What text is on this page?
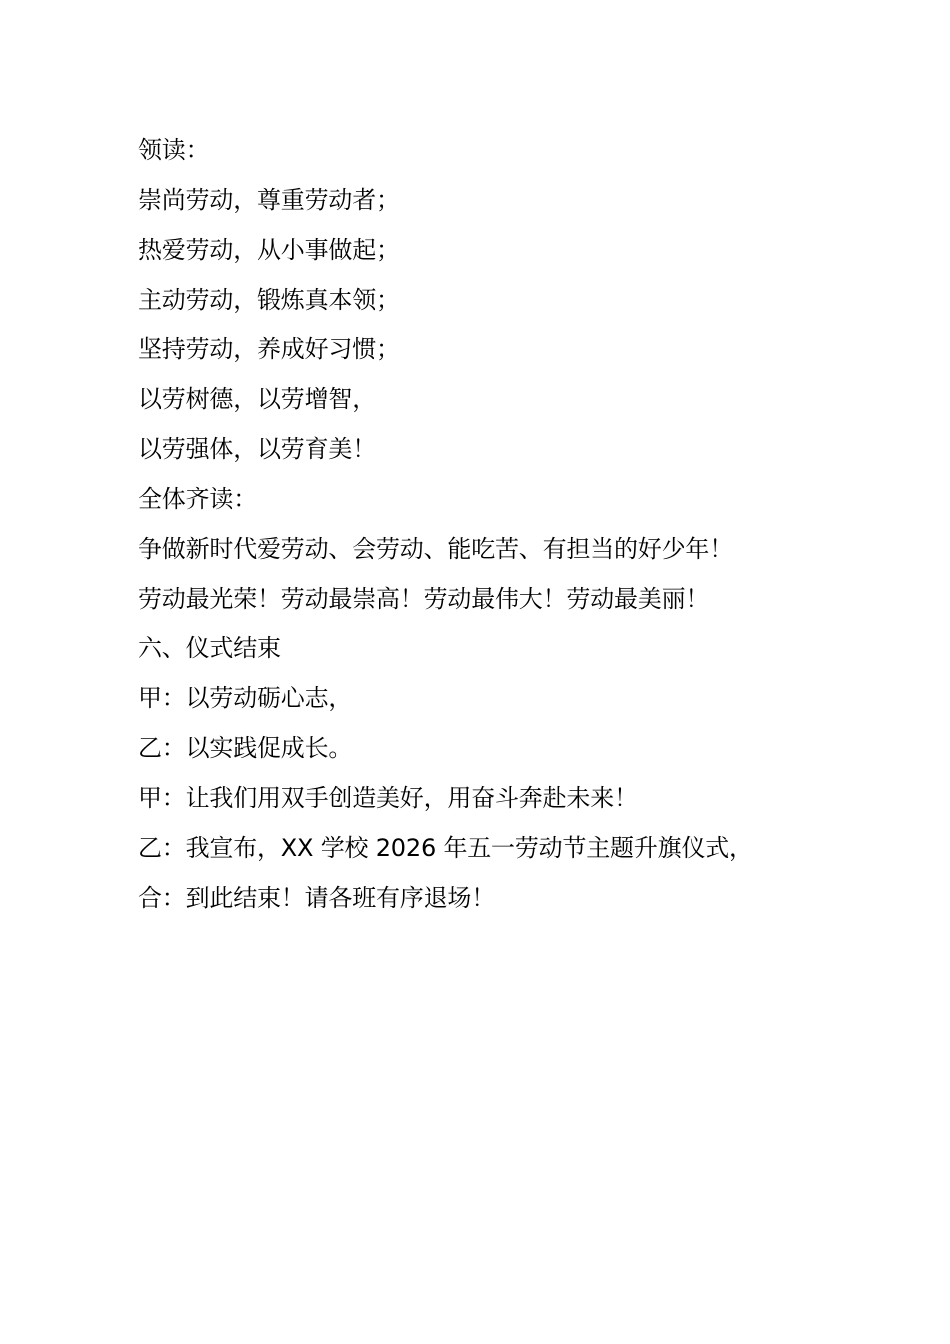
领读：

崇尚劳动，尊重劳动者；

热爱劳动，从小事做起；

主动劳动，锻炼真本领；

坚持劳动，养成好习惯；

以劳树德，以劳增智，

以劳强体，以劳育美！

全体齐读：

争做新时代爱劳动、会劳动、能吃苦、有担当的好少年！

劳动最光荣！劳动最崇高！劳动最伟大！劳动最美丽！

六、仪式结束

甲：以劳动砺心志，

乙：以实践促成长。

甲：让我们用双手创造美好，用奋斗奔赴未来！

乙：我宣布，XX 学校 2026 年五一劳动节主题升旗仪式，

合：到此结束！请各班有序退场！
